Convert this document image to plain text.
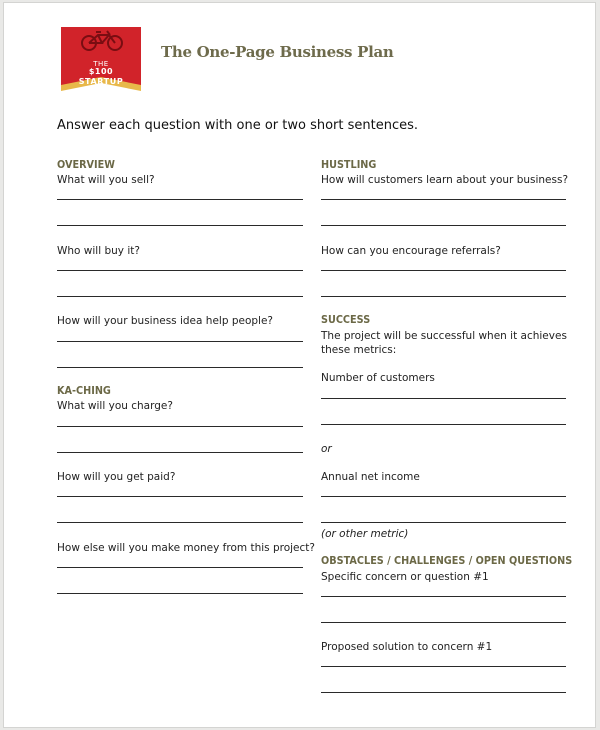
THE
$100
STARTUP
The One-Page Business Plan
Answer each question with one or two short sentences.
OVERVIEW
What will you sell?
Who will buy it?
How will your business idea help people?
KA-CHING
What will you charge?
How will you get paid?
How else will you make money from this project?
HUSTLING
How will customers learn about your business?
How can you encourage referrals?
SUCCESS
The project will be successful when it achieves
these metrics:
Number of customers
or
Annual net income
(or other metric)
OBSTACLES / CHALLENGES / OPEN QUESTIONS
Specific concern or question #1
Proposed solution to concern #1
